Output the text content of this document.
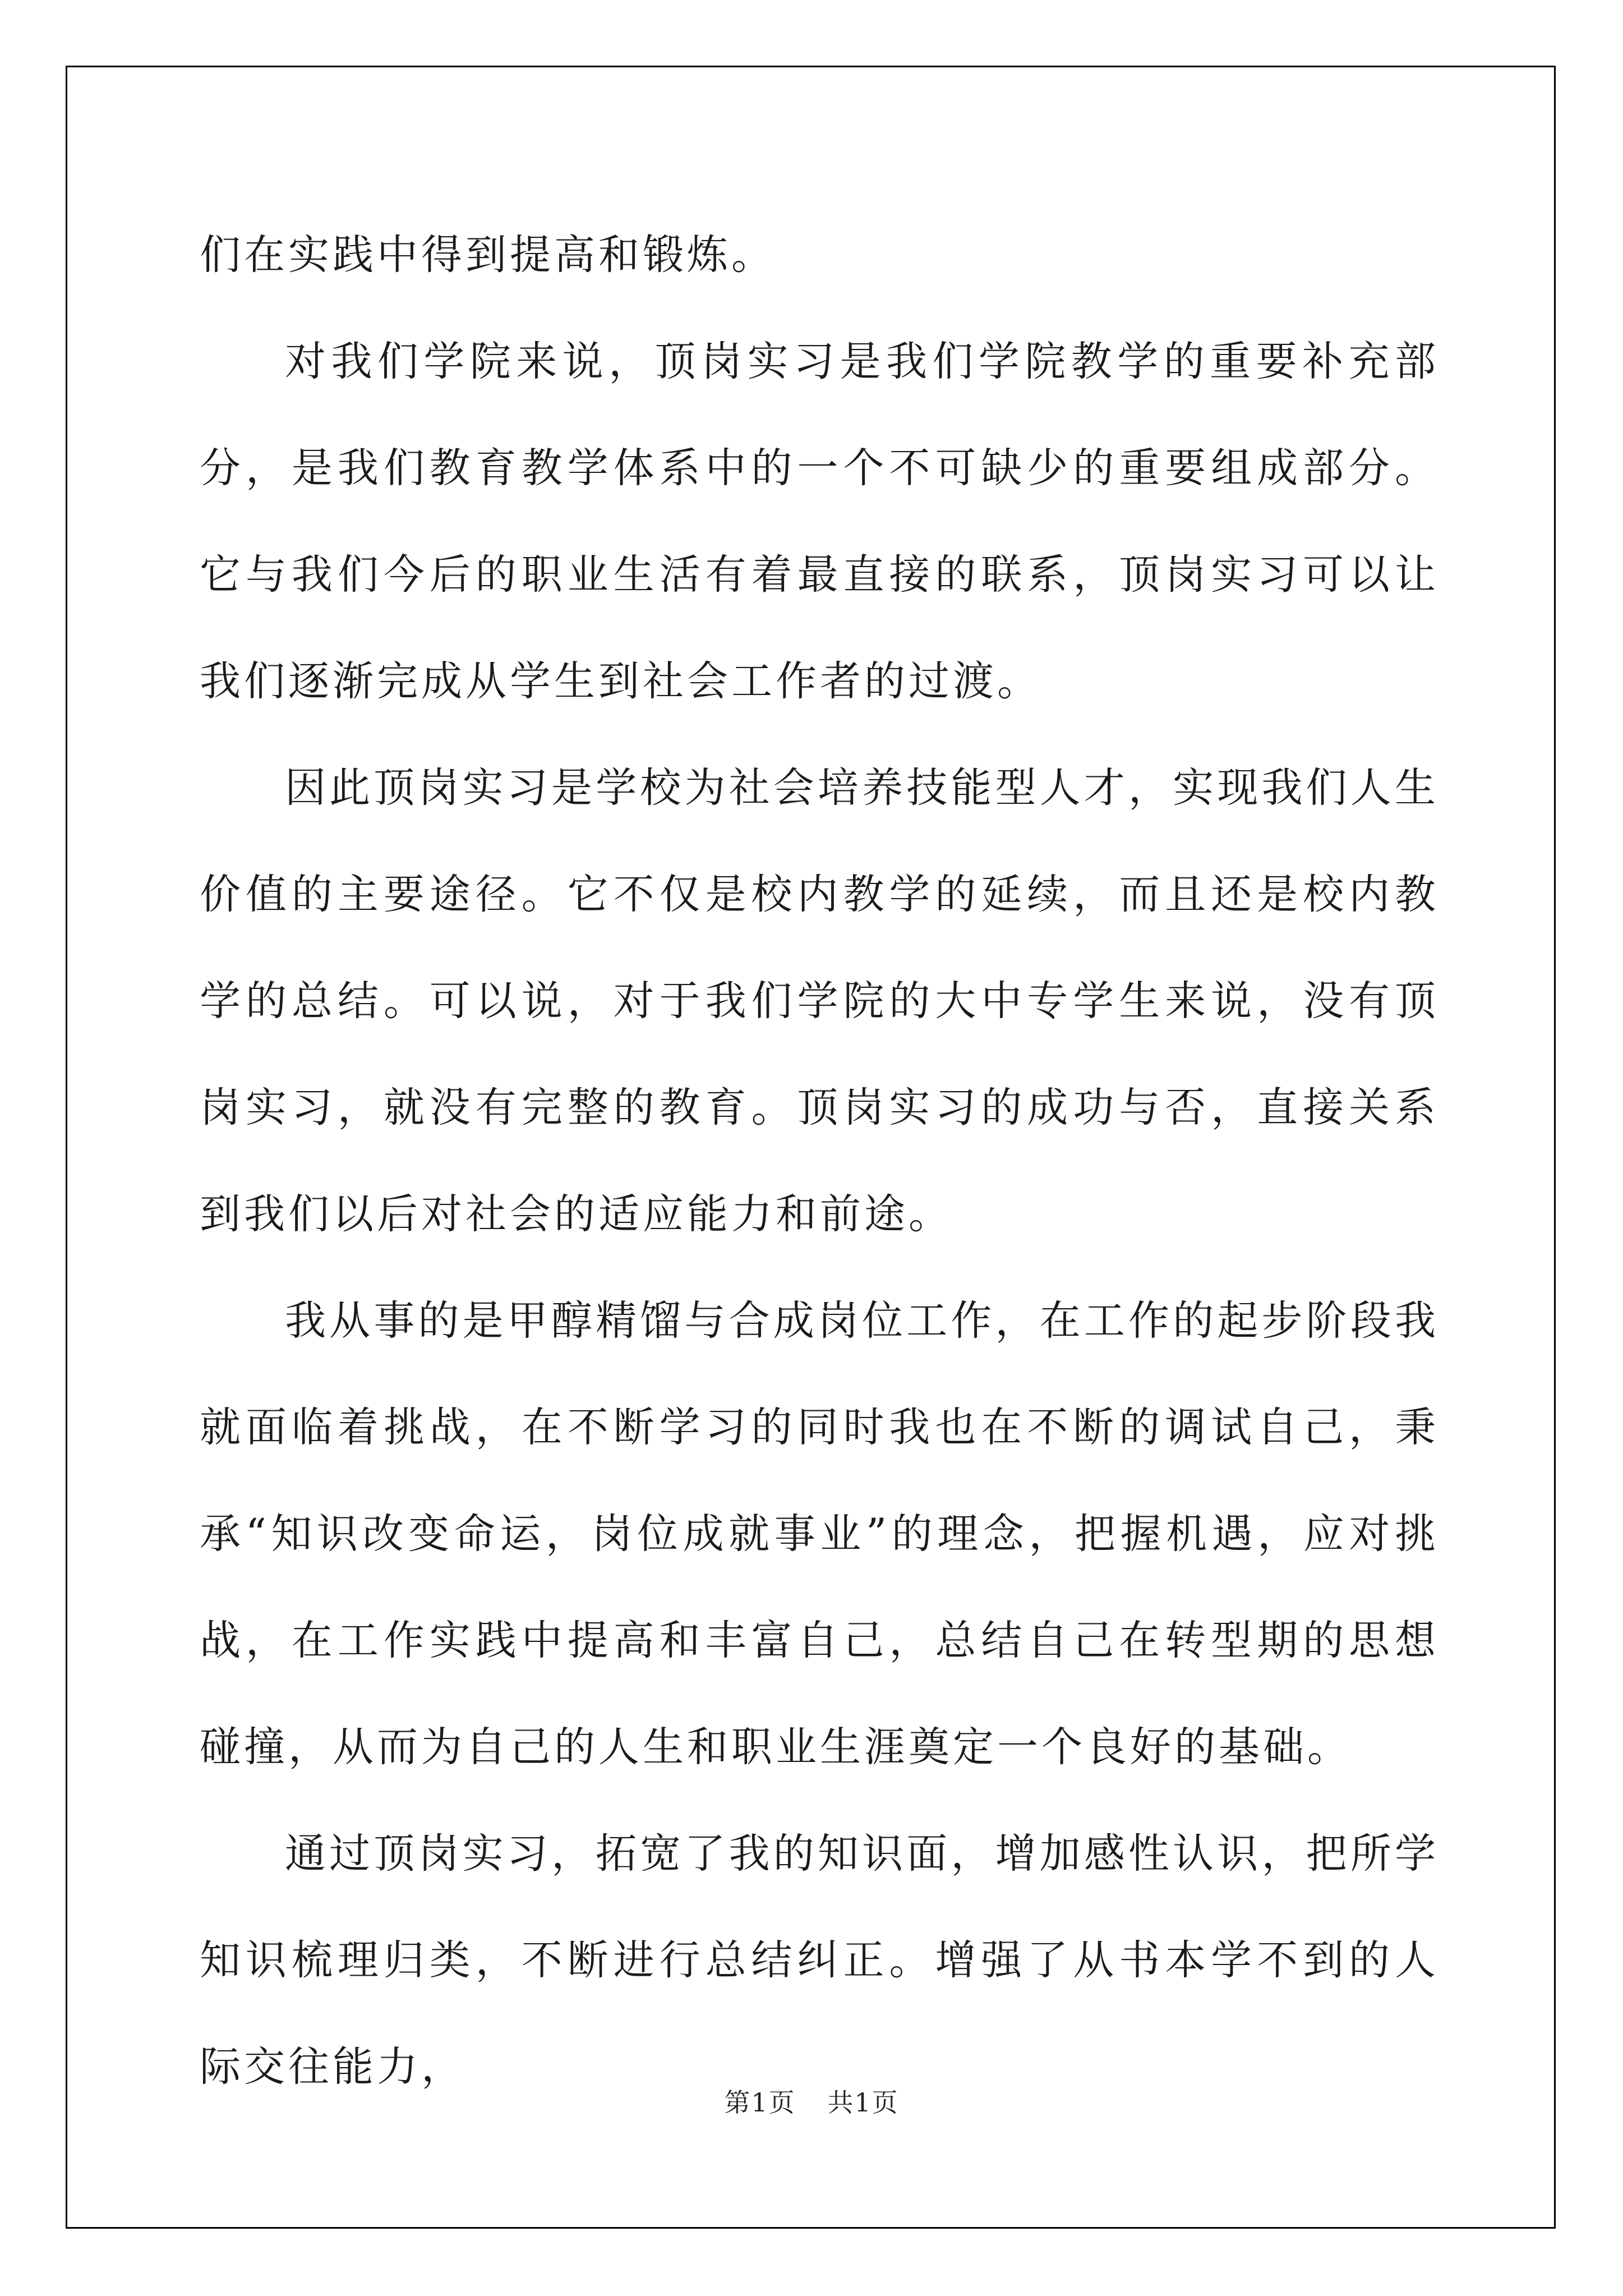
们在实践中得到提高和锻炼。

对我们学院来说，顶岗实习是我们学院教学的重要补充部分，是我们教育教学体系中的一个不可缺少的重要组成部分。它与我们今后的职业生活有着最直接的联系，顶岗实习可以让我们逐渐完成从学生到社会工作者的过渡。

因此顶岗实习是学校为社会培养技能型人才，实现我们人生价值的主要途径。它不仅是校内教学的延续，而且还是校内教学的总结。可以说，对于我们学院的大中专学生来说，没有顶岗实习，就没有完整的教育。顶岗实习的成功与否，直接关系到我们以后对社会的适应能力和前途。

我从事的是甲醇精馏与合成岗位工作，在工作的起步阶段我就面临着挑战，在不断学习的同时我也在不断的调试自己，秉承“知识改变命运，岗位成就事业”的理念，把握机遇，应对挑战，在工作实践中提高和丰富自己，总结自己在转型期的思想碰撞，从而为自己的人生和职业生涯奠定一个良好的基础。

通过顶岗实习，拓宽了我的知识面，增加感性认识，把所学知识梳理归类，不断进行总结纠正。增强了从书本学不到的人际交往能力，

第1页 共1页
